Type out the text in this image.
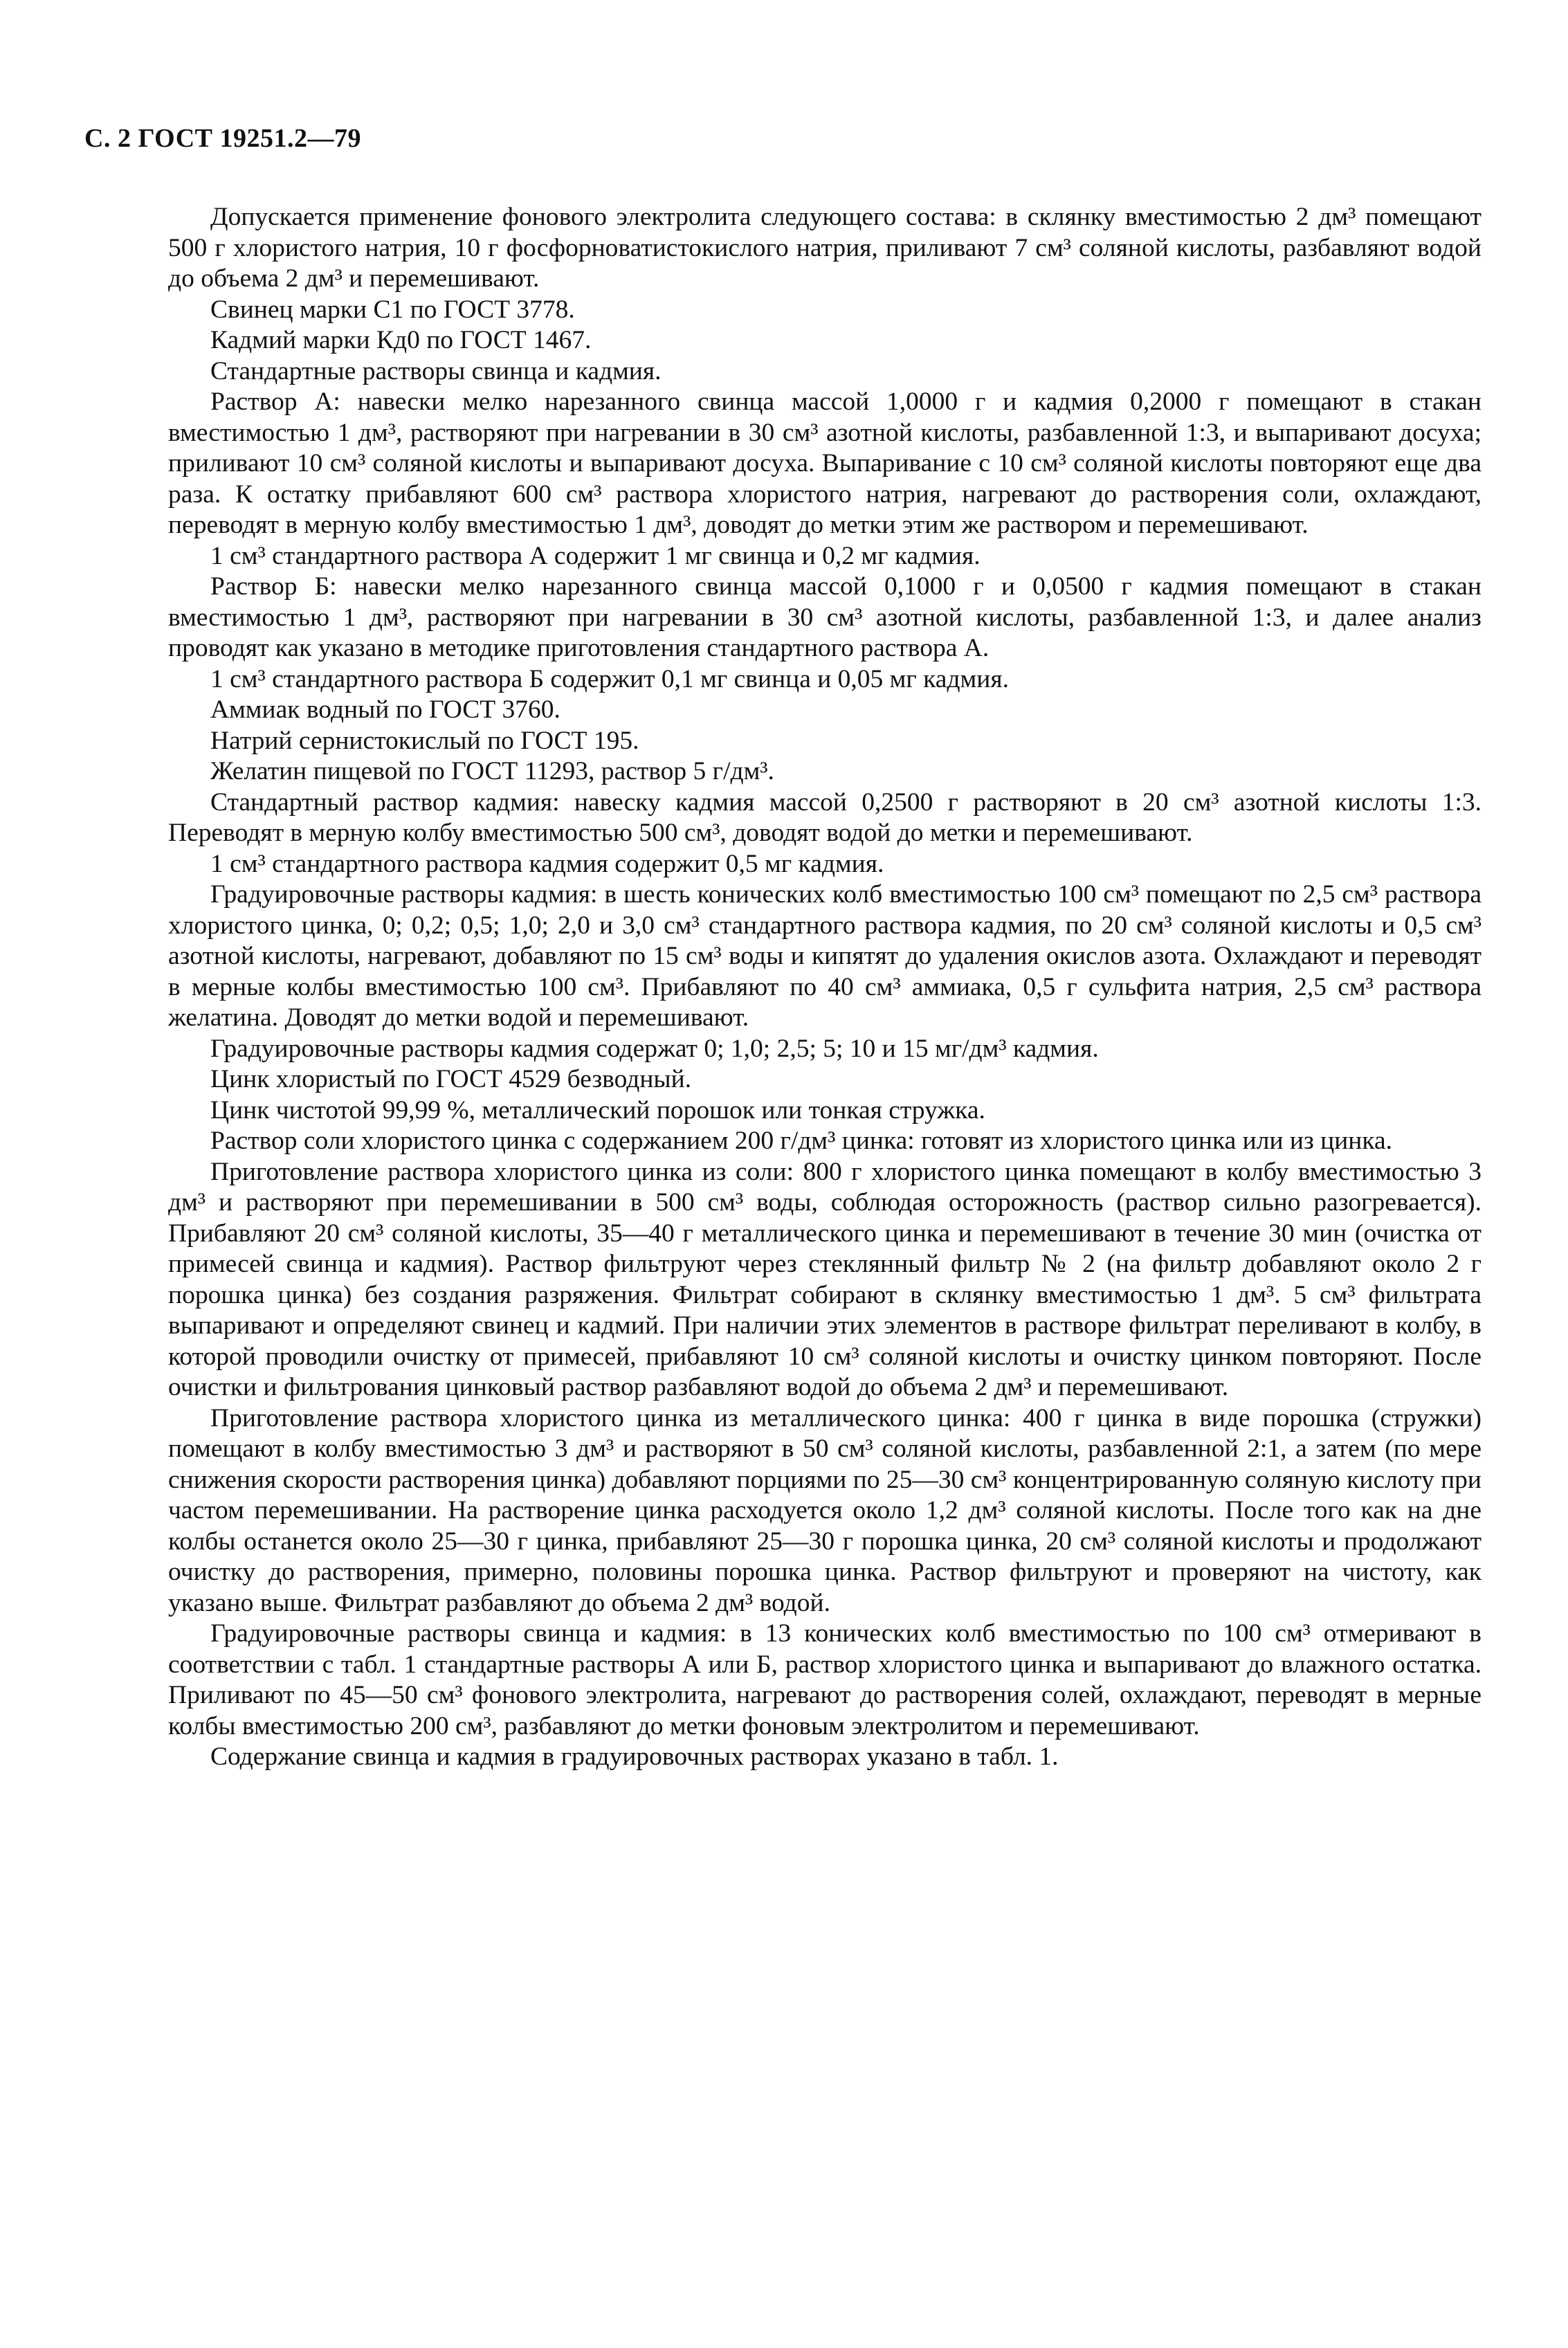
С. 2 ГОСТ 19251.2—79

Допускается применение фонового электролита следующего состава: в склянку вместимостью 2 дм³ помещают 500 г хлористого натрия, 10 г фосфорноватистокислого натрия, приливают 7 см³ соляной кислоты, разбавляют водой до объема 2 дм³ и перемешивают.

Свинец марки С1 по ГОСТ 3778.

Кадмий марки Кд0 по ГОСТ 1467.

Стандартные растворы свинца и кадмия.

Раствор А: навески мелко нарезанного свинца массой 1,0000 г и кадмия 0,2000 г помещают в стакан вместимостью 1 дм³, растворяют при нагревании в 30 см³ азотной кислоты, разбавленной 1:3, и выпаривают досуха; приливают 10 см³ соляной кислоты и выпаривают досуха. Выпаривание с 10 см³ соляной кислоты повторяют еще два раза. К остатку прибавляют 600 см³ раствора хлористого натрия, нагревают до растворения соли, охлаждают, переводят в мерную колбу вместимостью 1 дм³, доводят до метки этим же раствором и перемешивают.

1 см³ стандартного раствора А содержит 1 мг свинца и 0,2 мг кадмия.

Раствор Б: навески мелко нарезанного свинца массой 0,1000 г и 0,0500 г кадмия помещают в стакан вместимостью 1 дм³, растворяют при нагревании в 30 см³ азотной кислоты, разбавленной 1:3, и далее анализ проводят как указано в методике приготовления стандартного раствора А.

1 см³ стандартного раствора Б содержит 0,1 мг свинца и 0,05 мг кадмия.

Аммиак водный по ГОСТ 3760.

Натрий сернистокислый по ГОСТ 195.

Желатин пищевой по ГОСТ 11293, раствор 5 г/дм³.

Стандартный раствор кадмия: навеску кадмия массой 0,2500 г растворяют в 20 см³ азотной кислоты 1:3. Переводят в мерную колбу вместимостью 500 см³, доводят водой до метки и перемешивают.

1 см³ стандартного раствора кадмия содержит 0,5 мг кадмия.

Градуировочные растворы кадмия: в шесть конических колб вместимостью 100 см³ помещают по 2,5 см³ раствора хлористого цинка, 0; 0,2; 0,5; 1,0; 2,0 и 3,0 см³ стандартного раствора кадмия, по 20 см³ соляной кислоты и 0,5 см³ азотной кислоты, нагревают, добавляют по 15 см³ воды и кипятят до удаления окислов азота. Охлаждают и переводят в мерные колбы вместимостью 100 см³. Прибавляют по 40 см³ аммиака, 0,5 г сульфита натрия, 2,5 см³ раствора желатина. Доводят до метки водой и перемешивают.

Градуировочные растворы кадмия содержат 0; 1,0; 2,5; 5; 10 и 15 мг/дм³ кадмия.

Цинк хлористый по ГОСТ 4529 безводный.

Цинк чистотой 99,99 %, металлический порошок или тонкая стружка.

Раствор соли хлористого цинка с содержанием 200 г/дм³ цинка: готовят из хлористого цинка или из цинка.

Приготовление раствора хлористого цинка из соли: 800 г хлористого цинка помещают в колбу вместимостью 3 дм³ и растворяют при перемешивании в 500 см³ воды, соблюдая осторожность (раствор сильно разогревается). Прибавляют 20 см³ соляной кислоты, 35—40 г металлического цинка и перемешивают в течение 30 мин (очистка от примесей свинца и кадмия). Раствор фильтруют через стеклянный фильтр № 2 (на фильтр добавляют около 2 г порошка цинка) без создания разряжения. Фильтрат собирают в склянку вместимостью 1 дм³. 5 см³ фильтрата выпаривают и определяют свинец и кадмий. При наличии этих элементов в растворе фильтрат переливают в колбу, в которой проводили очистку от примесей, прибавляют 10 см³ соляной кислоты и очистку цинком повторяют. После очистки и фильтрования цинковый раствор разбавляют водой до объема 2 дм³ и перемешивают.

Приготовление раствора хлористого цинка из металлического цинка: 400 г цинка в виде порошка (стружки) помещают в колбу вместимостью 3 дм³ и растворяют в 50 см³ соляной кислоты, разбавленной 2:1, а затем (по мере снижения скорости растворения цинка) добавляют порциями по 25—30 см³ концентрированную соляную кислоту при частом перемешивании. На растворение цинка расходуется около 1,2 дм³ соляной кислоты. После того как на дне колбы останется около 25—30 г цинка, прибавляют 25—30 г порошка цинка, 20 см³ соляной кислоты и продолжают очистку до растворения, примерно, половины порошка цинка. Раствор фильтруют и проверяют на чистоту, как указано выше. Фильтрат разбавляют до объема 2 дм³ водой.

Градуировочные растворы свинца и кадмия: в 13 конических колб вместимостью по 100 см³ отмеривают в соответствии с табл. 1 стандартные растворы А или Б, раствор хлористого цинка и выпаривают до влажного остатка. Приливают по 45—50 см³ фонового электролита, нагревают до растворения солей, охлаждают, переводят в мерные колбы вместимостью 200 см³, разбавляют до метки фоновым электролитом и перемешивают.

Содержание свинца и кадмия в градуировочных растворах указано в табл. 1.
